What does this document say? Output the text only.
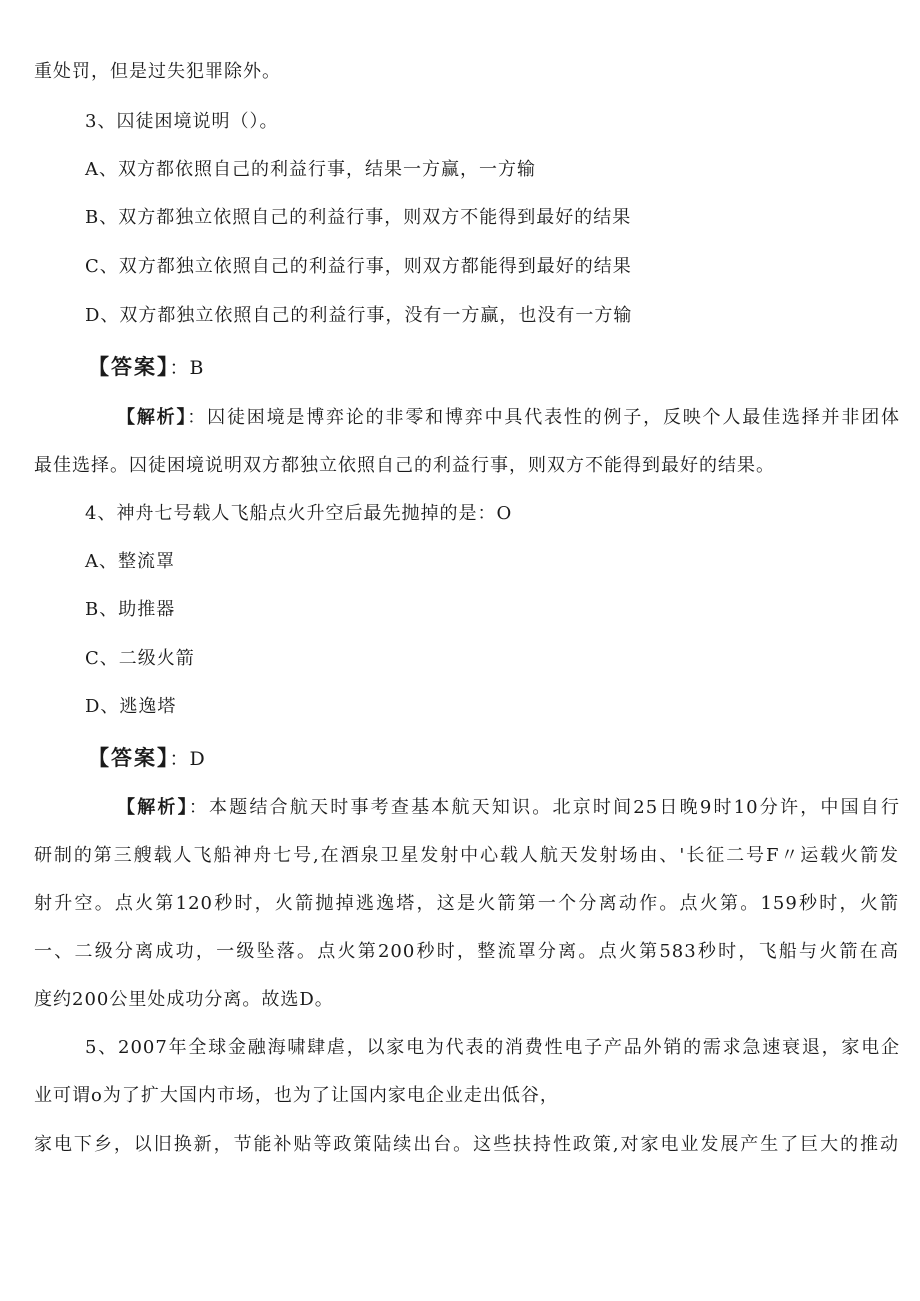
重处罚，但是过失犯罪除外。
3、囚徒困境说明（）。
A、双方都依照自己的利益行事，结果一方赢，一方输
B、双方都独立依照自己的利益行事，则双方不能得到最好的结果
C、双方都独立依照自己的利益行事，则双方都能得到最好的结果
D、双方都独立依照自己的利益行事，没有一方赢，也没有一方输
【答案】：B
【解析】：囚徒困境是博弈论的非零和博弈中具代表性的例子，反映个人最佳选择并非团体
最佳选择。囚徒困境说明双方都独立依照自己的利益行事，则双方不能得到最好的结果。
4、神舟七号载人飞船点火升空后最先抛掉的是：O
A、整流罩
B、助推器
C、二级火箭
D、逃逸塔
【答案】：D
【解析】：本题结合航天时事考查基本航天知识。北京时间25日晚9时10分许，中国自行
研制的第三艘载人飞船神舟七号,在酒泉卫星发射中心载人航天发射场由、'长征二号F〃运载火箭发
射升空。点火第120秒时，火箭抛掉逃逸塔，这是火箭第一个分离动作。点火第。159秒时，火箭
一、二级分离成功，一级坠落。点火第200秒时，整流罩分离。点火第583秒时，飞船与火箭在高
度约200公里处成功分离。故选D。
5、2007年全球金融海啸肆虐，以家电为代表的消费性电子产品外销的需求急速衰退，家电企
业可谓o为了扩大国内市场，也为了让国内家电企业走出低谷，
家电下乡，以旧换新，节能补贴等政策陆续出台。这些扶持性政策,对家电业发展产生了巨大的推动
